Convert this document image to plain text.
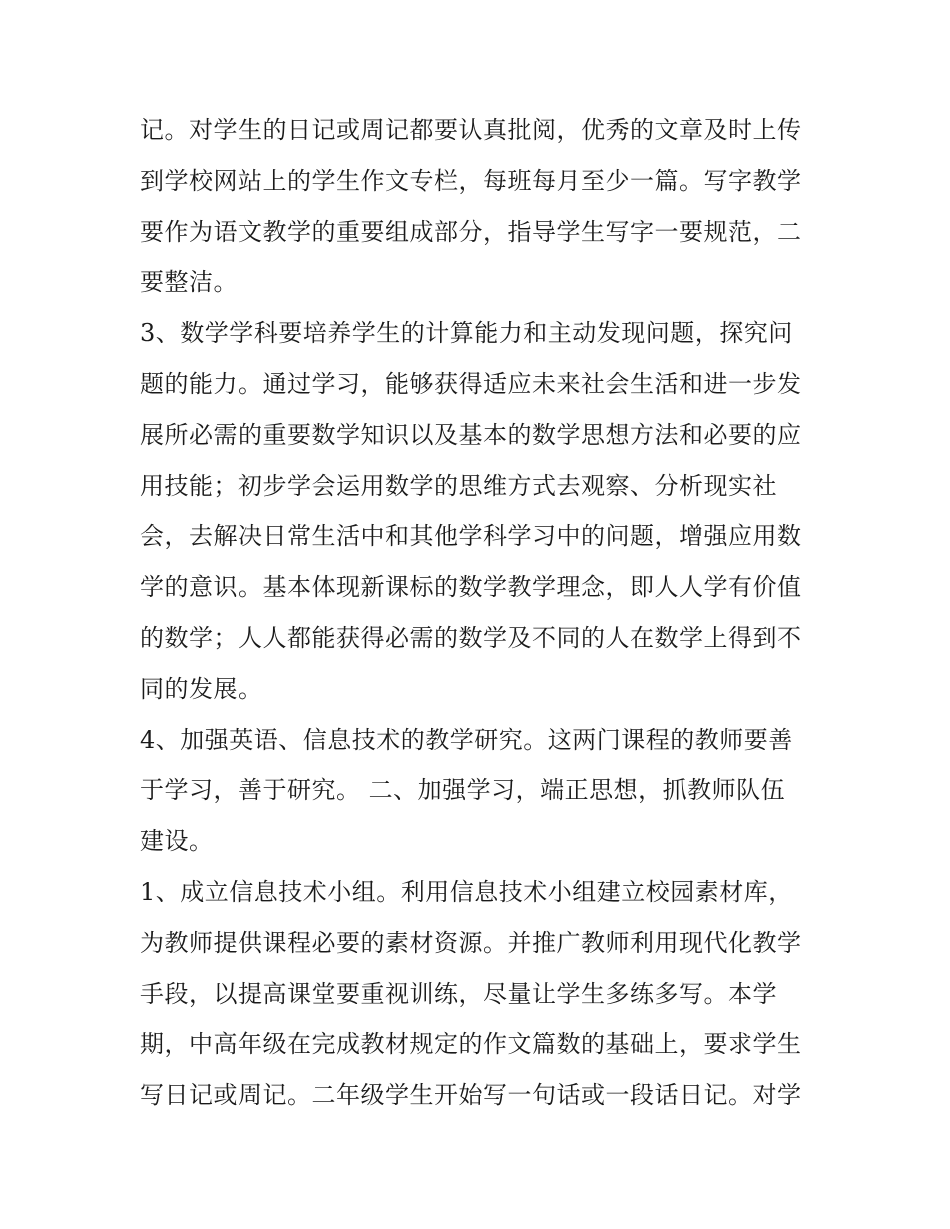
记。对学生的日记或周记都要认真批阅，优秀的文章及时上传
到学校网站上的学生作文专栏，每班每月至少一篇。写字教学
要作为语文教学的重要组成部分，指导学生写字一要规范，二
要整洁。
3、数学学科要培养学生的计算能力和主动发现问题，探究问
题的能力。通过学习，能够获得适应未来社会生活和进一步发
展所必需的重要数学知识以及基本的数学思想方法和必要的应
用技能；初步学会运用数学的思维方式去观察、分析现实社
会，去解决日常生活中和其他学科学习中的问题，增强应用数
学的意识。基本体现新课标的数学教学理念，即人人学有价值
的数学；人人都能获得必需的数学及不同的人在数学上得到不
同的发展。
4、加强英语、信息技术的教学研究。这两门课程的教师要善
于学习，善于研究。 二、加强学习，端正思想，抓教师队伍
建设。
1、成立信息技术小组。利用信息技术小组建立校园素材库，
为教师提供课程必要的素材资源。并推广教师利用现代化教学
手段，以提高课堂要重视训练，尽量让学生多练多写。本学
期，中高年级在完成教材规定的作文篇数的基础上，要求学生
写日记或周记。二年级学生开始写一句话或一段话日记。对学
